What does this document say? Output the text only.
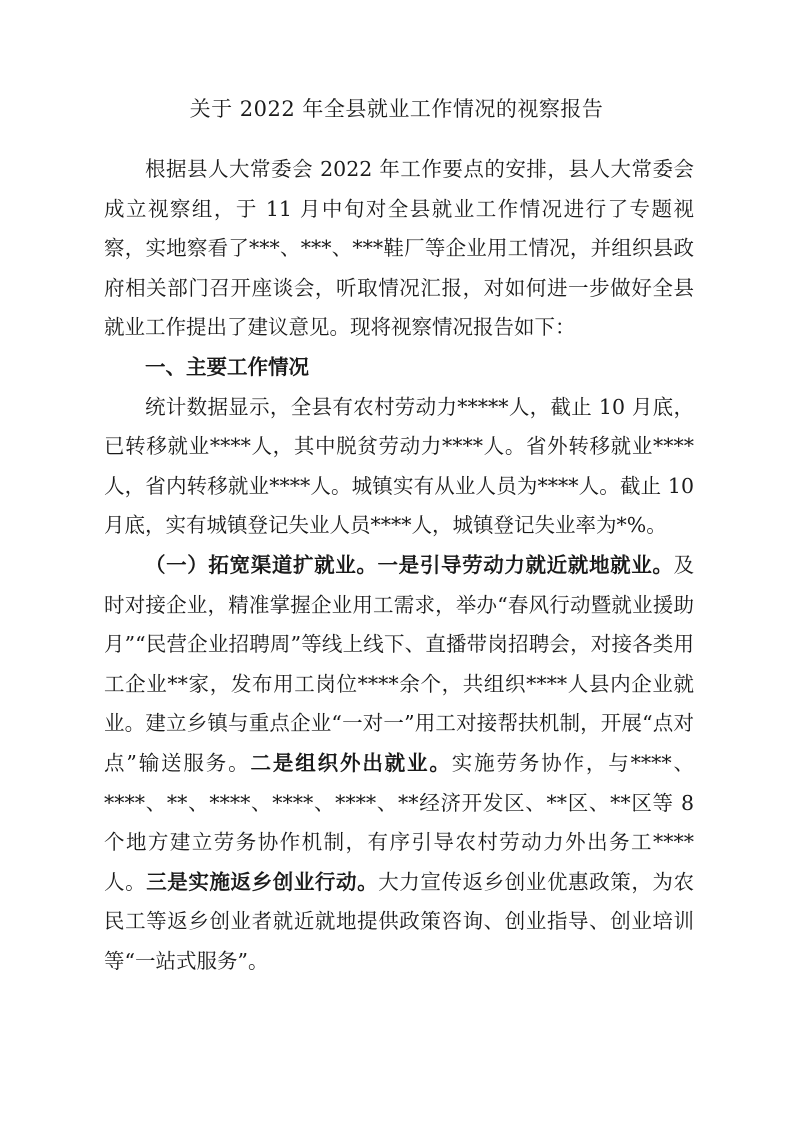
关于 2022 年全县就业工作情况的视察报告

根据县人大常委会 2022 年工作要点的安排，县人大常委会成立视察组，于 11 月中旬对全县就业工作情况进行了专题视察，实地察看了***、***、***鞋厂等企业用工情况，并组织县政府相关部门召开座谈会，听取情况汇报，对如何进一步做好全县就业工作提出了建议意见。现将视察情况报告如下：

一、主要工作情况

统计数据显示，全县有农村劳动力*****人，截止 10 月底，已转移就业****人，其中脱贫劳动力****人。省外转移就业****人，省内转移就业****人。城镇实有从业人员为****人。截止 10 月底，实有城镇登记失业人员****人，城镇登记失业率为*%。

（一）拓宽渠道扩就业。一是引导劳动力就近就地就业。及时对接企业，精准掌握企业用工需求，举办“春风行动暨就业援助月”“民营企业招聘周”等线上线下、直播带岗招聘会，对接各类用工企业**家，发布用工岗位****余个，共组织****人县内企业就业。建立乡镇与重点企业“一对一”用工对接帮扶机制，开展“点对点”输送服务。二是组织外出就业。实施劳务协作，与****、****、**、****、****、****、**经济开发区、**区、**区等 8 个地方建立劳务协作机制，有序引导农村劳动力外出务工****人。三是实施返乡创业行动。大力宣传返乡创业优惠政策，为农民工等返乡创业者就近就地提供政策咨询、创业指导、创业培训等“一站式服务”。
